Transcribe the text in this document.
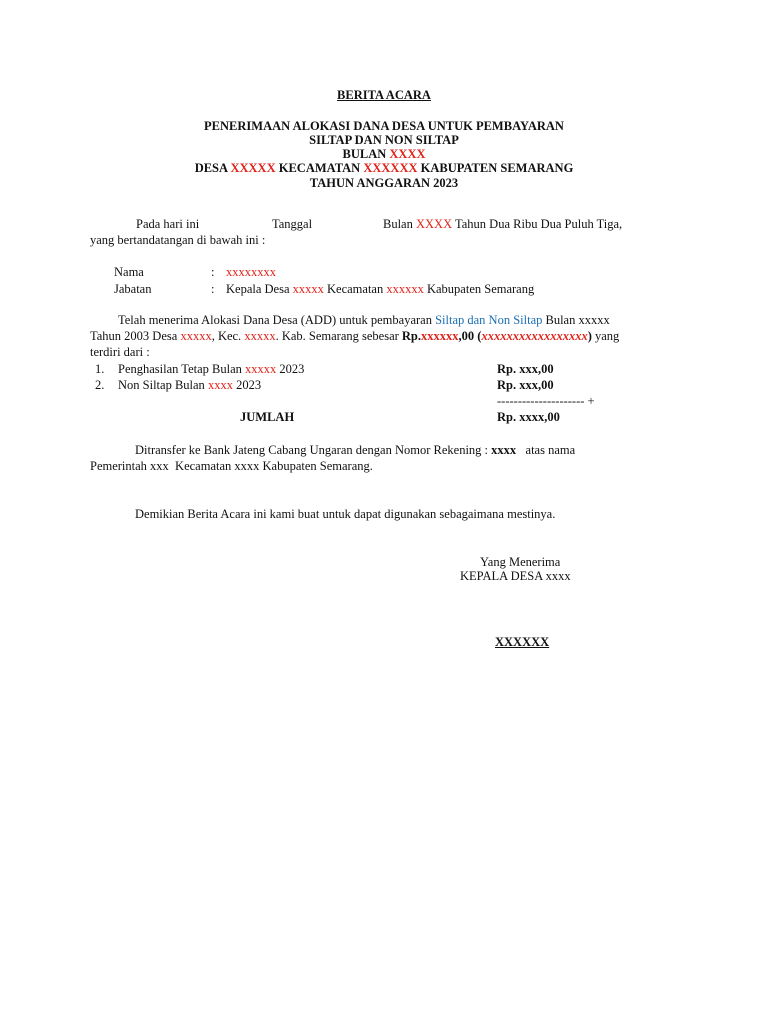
BERITA ACARA
PENERIMAAN ALOKASI DANA DESA UNTUK PEMBAYARAN
SILTAP DAN NON SILTAP
BULAN XXXX
DESA XXXXX KECAMATAN XXXXXX KABUPATEN SEMARANG
TAHUN ANGGARAN 2023
Pada hari ini	Tanggal	Bulan XXXX Tahun Dua Ribu Dua Puluh Tiga,
yang bertandatangan di bawah ini :
Nama	: xxxxxxxx
Jabatan	: Kepala Desa xxxxx Kecamatan xxxxxx Kabupaten Semarang
Telah menerima Alokasi Dana Desa (ADD) untuk pembayaran Siltap dan Non Siltap Bulan xxxxx
Tahun 2003 Desa xxxxx, Kec. xxxxx. Kab. Semarang sebesar Rp.xxxxxx,00 (xxxxxxxxxxxxxxxxx) yang
terdiri dari :
1. Penghasilan Tetap Bulan xxxxx 2023	Rp. xxx,00
2. Non Siltap Bulan xxxx 2023	Rp. xxx,00
--------------------- +
JUMLAH	Rp. xxxx,00
Ditransfer ke Bank Jateng Cabang Ungaran dengan Nomor Rekening : xxxx   atas nama
Pemerintah xxx  Kecamatan xxxx Kabupaten Semarang.
Demikian Berita Acara ini kami buat untuk dapat digunakan sebagaimana mestinya.
Yang Menerima
KEPALA DESA xxxx
XXXXXX
